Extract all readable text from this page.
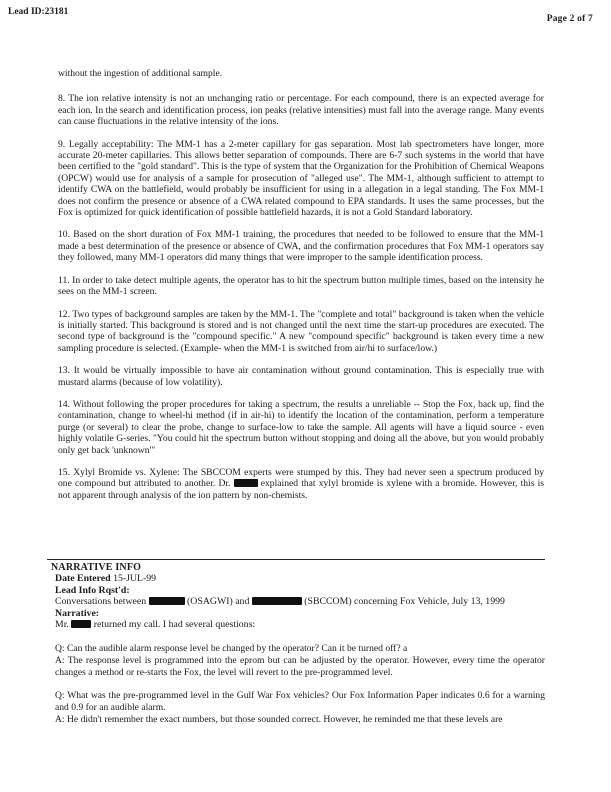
Lead ID:23181
Page 2 of 7

without the ingestion of additional sample.

8. The ion relative intensity is not an unchanging ratio or percentage. For each compound, there is an expected average for each ion. In the search and identification process, ion peaks (relative intensities) must fall into the average range. Many events can cause fluctuations in the relative intensity of the ions.

9. Legally acceptability: The MM-1 has a 2-meter capillary for gas separation. Most lab spectrometers have longer, more accurate 20-meter capillaries. This allows better separation of compounds. There are 6-7 such systems in the world that have been certified to the "gold standard". This is the type of system that the Organization for the Prohibition of Chemical Weapons (OPCW) would use for analysis of a sample for prosecution of "alleged use". The MM-1, although sufficient to attempt to identify CWA on the battlefield, would probably be insufficient for using in a allegation in a legal standing. The Fox MM-1 does not confirm the presence or absence of a CWA related compound to EPA standards. It uses the same processes, but the Fox is optimized for quick identification of possible battlefield hazards, it is not a Gold Standard laboratory.

10. Based on the short duration of Fox MM-1 training, the procedures that needed to be followed to ensure that the MM-1 made a best determination of the presence or absence of CWA, and the confirmation procedures that Fox MM-1 operators say they followed, many MM-1 operators did many things that were improper to the sample identification process.

11. In order to take detect multiple agents, the operator has to hit the spectrum button multiple times, based on the intensity he sees on the MM-1 screen.

12. Two types of background samples are taken by the MM-1. The "complete and total" background is taken when the vehicle is initially started. This background is stored and is not changed until the next time the start-up procedures are executed. The second type of background is the "compound specific." A new "compound specific" background is taken every time a new sampling procedure is selected. (Example- when the MM-1 is switched from air/hi to surface/low.)

13. It would be virtually impossible to have air contamination without ground contamination. This is especially true with mustard alarms (because of low volatility).

14. Without following the proper procedures for taking a spectrum, the results a unreliable -- Stop the Fox, back up, find the contamination, change to wheel-hi method (if in air-hi) to identify the location of the contamination, perform a temperature purge (or several) to clear the probe, change to surface-low to take the sample. All agents will have a liquid source - even highly volatile G-series. "You could hit the spectrum button without stopping and doing all the above, but you would probably only get back 'unknown'"

15. Xylyl Bromide vs. Xylene: The SBCCOM experts were stumped by this. They had never seen a spectrum produced by one compound but attributed to another. Dr.	explained that xylyl bromide is xylene with a bromide. However, this is not apparent through analysis of the ion pattern by non-chemists.

NARRATIVE INFO
Date Entered 15-JUL-99
Lead Info Rqst'd:
Conversations between	(OSAGWI) and	(SBCCOM) concerning Fox Vehicle, July 13, 1999
Narrative:
Mr.  returned my call. I had several questions:

Q: Can the audible alarm response level be changed by the operator? Can it be turned off? a

A: The response level is programmed into the eprom but can be adjusted by the operator. However, every time the operator changes a method or re-starts the Fox, the level will revert to the pre-programmed level.

Q: What was the pre-programmed level in the Gulf War Fox vehicles? Our Fox Information Paper indicates 0.6 for a warning and 0.9 for an audible alarm.

A: He didn't remember the exact numbers, but those sounded correct. However, he reminded me that these levels are
